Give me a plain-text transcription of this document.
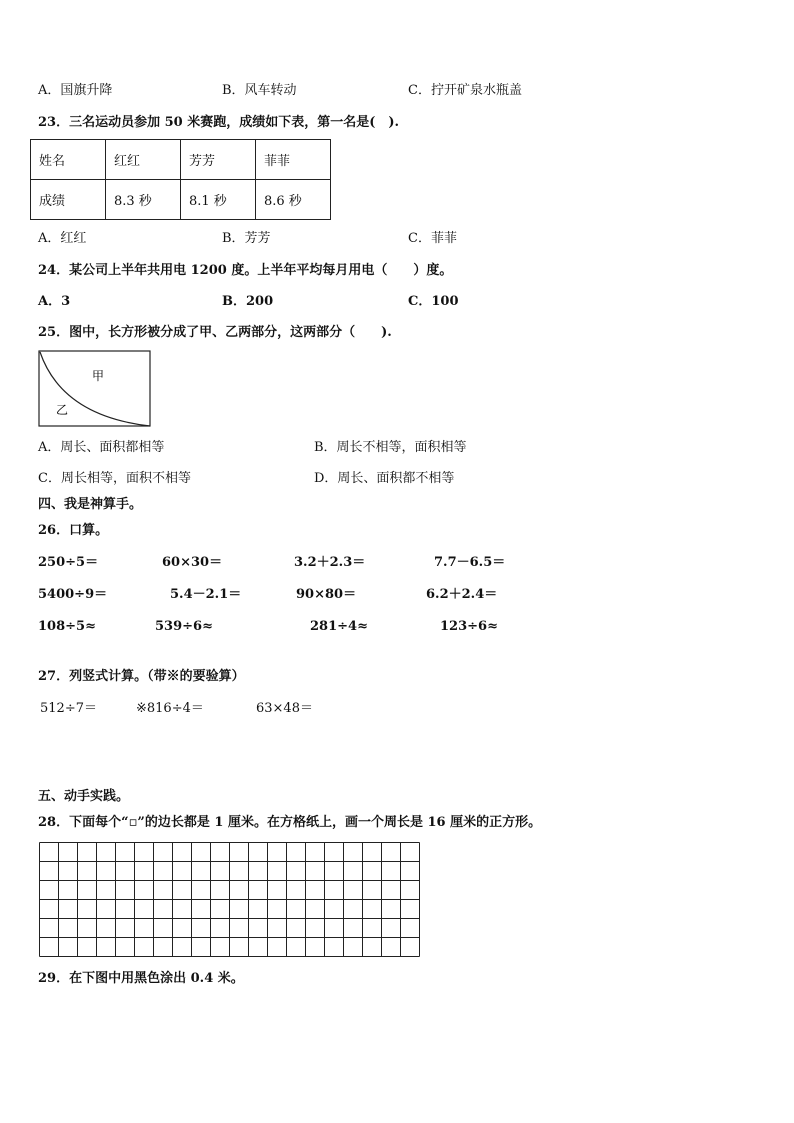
A．国旗升降	B．风车转动	C．拧开矿泉水瓶盖
23．三名运动员参加 50 米赛跑，成绩如下表，第一名是(　).
姓名	红红	芳芳	菲菲
成绩	8.3 秒	8.1 秒	8.6 秒
A．红红	B．芳芳	C．菲菲
24．某公司上半年共用电 1200 度。上半年平均每月用电（　　）度。
A．3	B．200	C．100
25．图中，长方形被分成了甲、乙两部分，这两部分（　　).
甲
乙
A．周长、面积都相等	B．周长不相等，面积相等
C．周长相等，面积不相等	D．周长、面积都不相等
四、我是神算手。
26．口算。
250÷5＝	60×30＝	3.2＋2.3＝	7.7－6.5＝
5400÷9＝	5.4－2.1＝	90×80＝	6.2＋2.4＝
108÷5≈	539÷6≈	281÷4≈	123÷6≈
27．列竖式计算。（带※的要验算）
512÷7＝	※816÷4＝	63×48＝
五、动手实践。
28．下面每个“▫”的边长都是 1 厘米。在方格纸上，画一个周长是 16 厘米的正方形。
29．在下图中用黑色涂出 0.4 米。
